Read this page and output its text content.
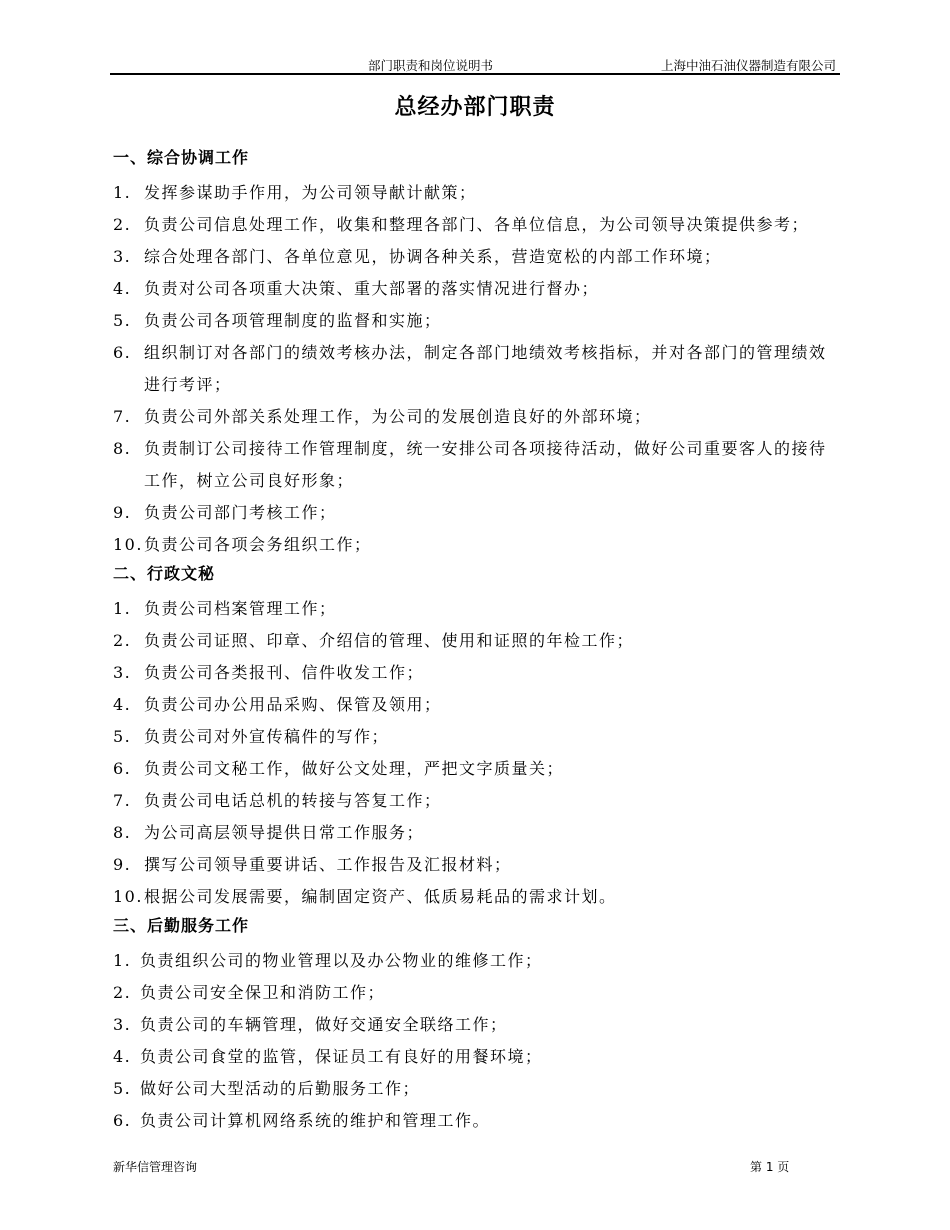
部门职责和岗位说明书	上海中油石油仪器制造有限公司
总经办部门职责
一、综合协调工作
1. 发挥参谋助手作用，为公司领导献计献策；
2. 负责公司信息处理工作，收集和整理各部门、各单位信息，为公司领导决策提供参考；
3. 综合处理各部门、各单位意见，协调各种关系，营造宽松的内部工作环境；
4. 负责对公司各项重大决策、重大部署的落实情况进行督办；
5. 负责公司各项管理制度的监督和实施；
6. 组织制订对各部门的绩效考核办法，制定各部门地绩效考核指标，并对各部门的管理绩效进行考评；
7. 负责公司外部关系处理工作，为公司的发展创造良好的外部环境；
8. 负责制订公司接待工作管理制度，统一安排公司各项接待活动，做好公司重要客人的接待工作，树立公司良好形象；
9. 负责公司部门考核工作；
10. 负责公司各项会务组织工作；
二、行政文秘
1. 负责公司档案管理工作；
2. 负责公司证照、印章、介绍信的管理、使用和证照的年检工作；
3. 负责公司各类报刊、信件收发工作；
4. 负责公司办公用品采购、保管及领用；
5. 负责公司对外宣传稿件的写作；
6. 负责公司文秘工作，做好公文处理，严把文字质量关；
7. 负责公司电话总机的转接与答复工作；
8. 为公司高层领导提供日常工作服务；
9. 撰写公司领导重要讲话、工作报告及汇报材料；
10. 根据公司发展需要，编制固定资产、低质易耗品的需求计划。
三、后勤服务工作
1. 负责组织公司的物业管理以及办公物业的维修工作；
2. 负责公司安全保卫和消防工作；
3. 负责公司的车辆管理，做好交通安全联络工作；
4. 负责公司食堂的监管，保证员工有良好的用餐环境；
5. 做好公司大型活动的后勤服务工作；
6. 负责公司计算机网络系统的维护和管理工作。
新华信管理咨询	第 1 页
